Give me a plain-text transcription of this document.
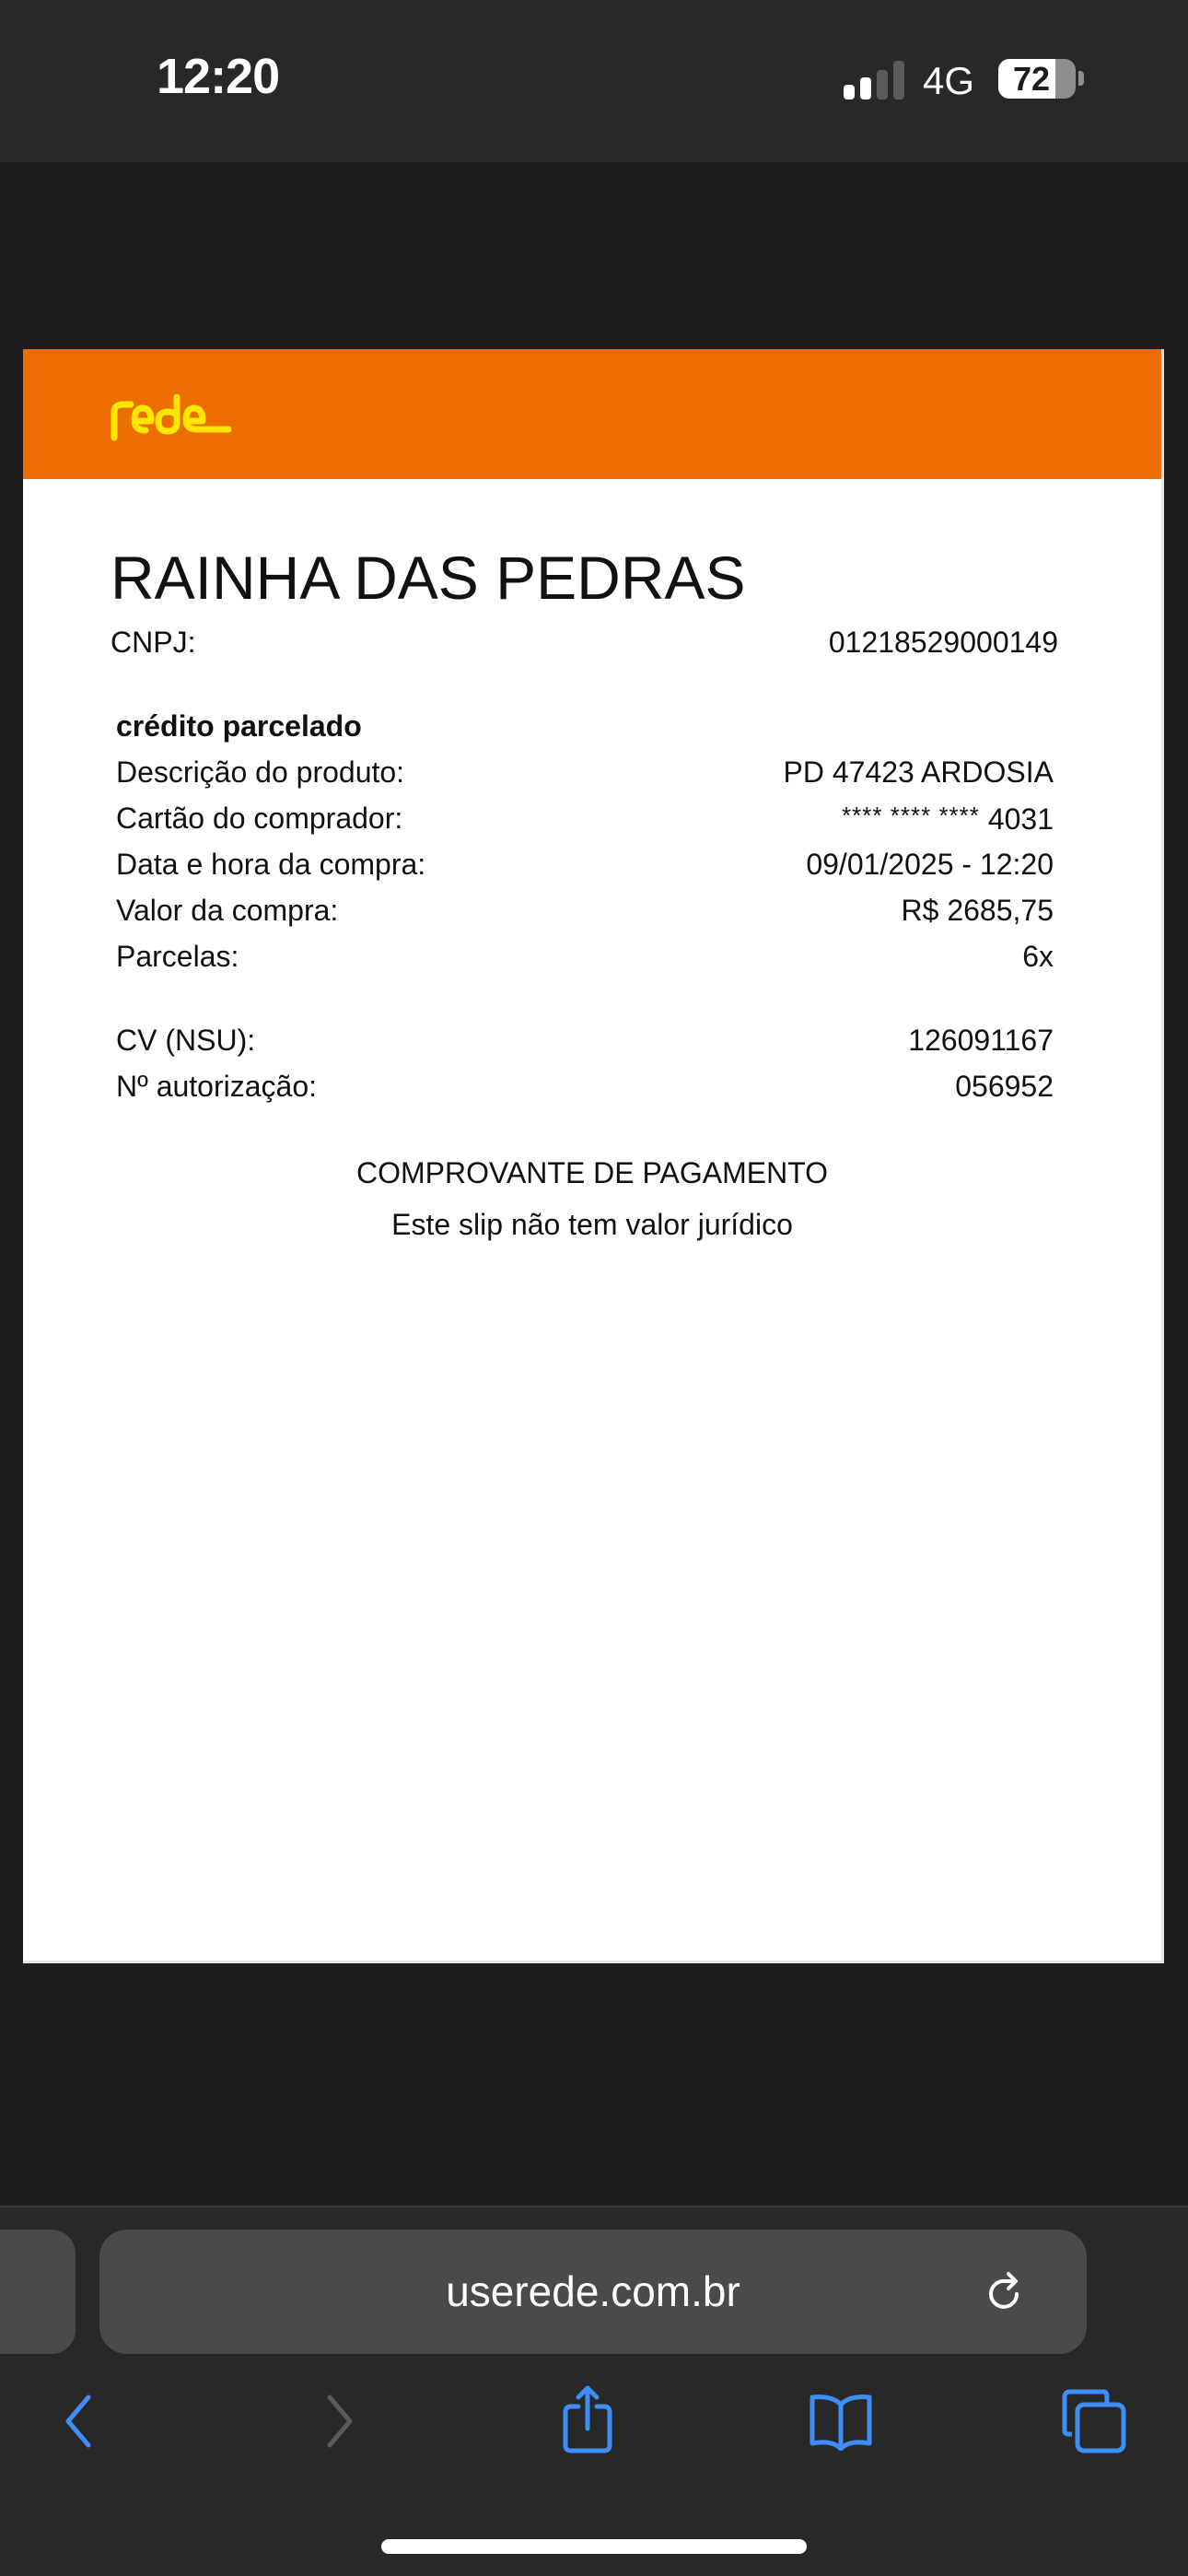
12:20	4G	72
RAINHA DAS PEDRAS
CNPJ:	01218529000149
crédito parcelado
Descrição do produto:	PD 47423 ARDOSIA
Cartão do comprador:	**** **** **** 4031
Data e hora da compra:	09/01/2025 - 12:20
Valor da compra:	R$ 2685,75
Parcelas:	6x
CV (NSU):	126091167
Nº autorização:	056952
COMPROVANTE DE PAGAMENTO
Este slip não tem valor jurídico
userede.com.br
